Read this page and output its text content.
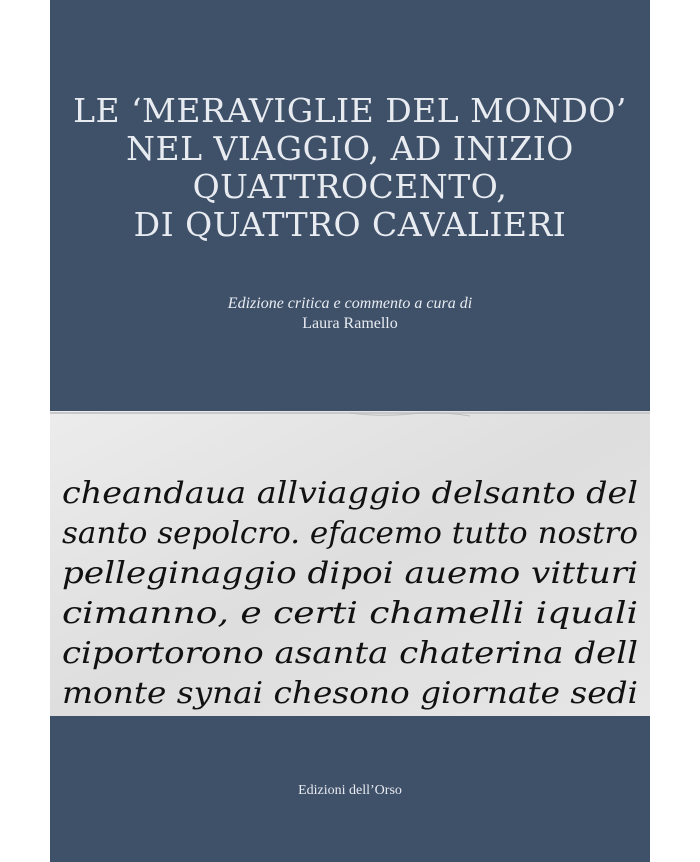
LE ‘MERAVIGLIE DEL MONDO’
NEL VIAGGIO, AD INIZIO
QUATTROCENTO,
DI QUATTRO CAVALIERI
Edizione critica e commento a cura di
Laura Ramello
cheandaua allviaggio delsanto del
santo sepolcro. efacemo tutto nostro
pelleginaggio dipoi auemo vitturi
cimanno, e certi chamelli iquali
ciportorono asanta chaterina dell
monte synai chesono giornate sedi
Edizioni dell’Orso
